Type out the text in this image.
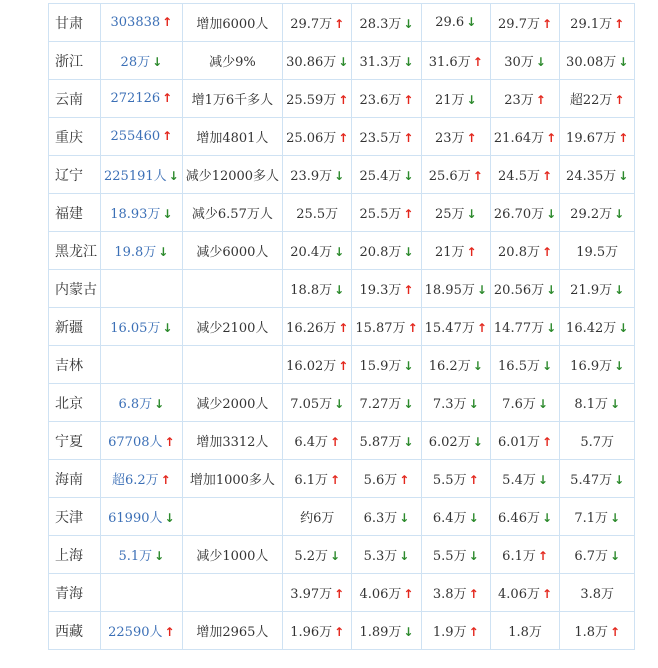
甘肃	303838 ↑	增加6000人	29.7万 ↑	28.3万 ↓	29.6 ↓	29.7万 ↑	29.1万 ↑
浙江	28万 ↓	减少9%	30.86万 ↓	31.3万 ↓	31.6万 ↑	30万 ↓	30.08万 ↓
云南	272126 ↑	增1万6千多人	25.59万 ↑	23.6万 ↑	21万 ↓	23万 ↑	超22万 ↑
重庆	255460 ↑	增加4801人	25.06万 ↑	23.5万 ↑	23万 ↑	21.64万 ↑	19.67万 ↑
辽宁	225191人 ↓	减少12000多人	23.9万 ↓	25.4万 ↓	25.6万 ↑	24.5万 ↑	24.35万 ↓
福建	18.93万 ↓	减少6.57万人	25.5万	25.5万 ↑	25万 ↓	26.70万 ↓	29.2万 ↓
黑龙江	19.8万 ↓	减少6000人	20.4万 ↓	20.8万 ↓	21万 ↑	20.8万 ↑	19.5万
内蒙古			18.8万 ↓	19.3万 ↑	18.95万 ↓	20.56万 ↓	21.9万 ↓
新疆	16.05万 ↓	减少2100人	16.26万 ↑	15.87万 ↑	15.47万 ↑	14.77万 ↓	16.42万 ↓
吉林			16.02万 ↑	15.9万 ↓	16.2万 ↓	16.5万 ↓	16.9万 ↓
北京	6.8万 ↓	减少2000人	7.05万 ↓	7.27万 ↓	7.3万 ↓	7.6万 ↓	8.1万 ↓
宁夏	67708人 ↑	增加3312人	6.4万 ↑	5.87万 ↓	6.02万 ↓	6.01万 ↑	5.7万
海南	超6.2万 ↑	增加1000多人	6.1万 ↑	5.6万 ↑	5.5万 ↑	5.4万 ↓	5.47万 ↓
天津	61990人 ↓		约6万	6.3万 ↓	6.4万 ↓	6.46万 ↓	7.1万 ↓
上海	5.1万 ↓	减少1000人	5.2万 ↓	5.3万 ↓	5.5万 ↓	6.1万 ↑	6.7万 ↓
青海			3.97万 ↑	4.06万 ↑	3.8万 ↑	4.06万 ↑	3.8万
西藏	22590人 ↑	增加2965人	1.96万 ↑	1.89万 ↓	1.9万 ↑	1.8万	1.8万 ↑
